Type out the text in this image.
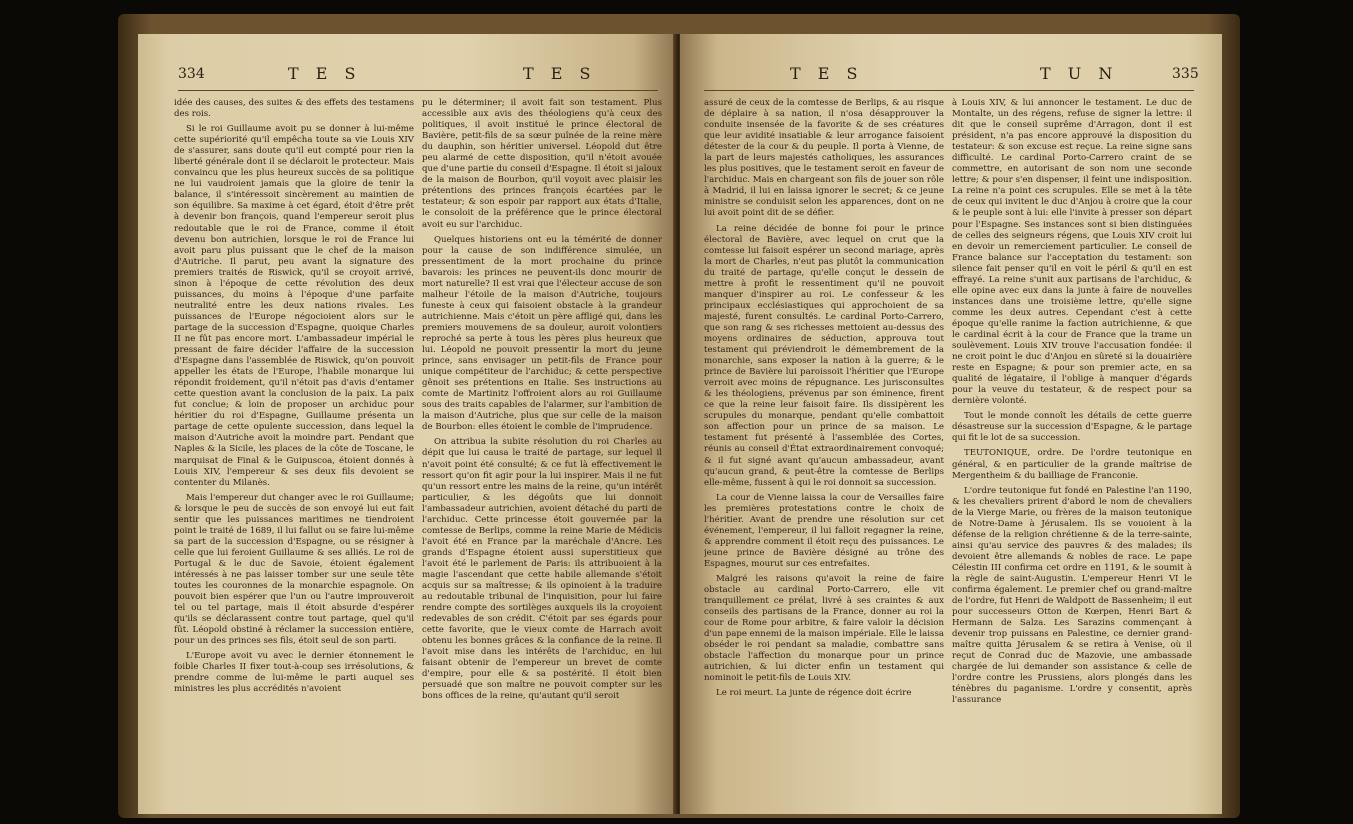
334	T E S	T E S

idée des causes, des suites & des effets des testamens des rois.

Si le roi Guillaume avoit pu se donner à lui-même cette supériorité qu'il empêcha toute sa vie Louis XIV de s'assurer, sans doute qu'il eut compté pour rien la liberté générale dont il se déclaroit le protecteur. Mais convaincu que les plus heureux succès de sa politique ne lui vaudroient jamais que la gloire de tenir la balance, il s'intéressoit sincèrement au maintien de son équilibre. Sa maxime à cet égard, étoit d'être prêt à devenir bon françois, quand l'empereur seroit plus redoutable que le roi de France, comme il étoit devenu bon autrichien, lorsque le roi de France lui avoit paru plus puissant que le chef de la maison d'Autriche. Il parut, peu avant la signature des premiers traités de Riswick, qu'il se croyoit arrivé, sinon à l'époque de cette révolution des deux puissances, du moins à l'époque d'une parfaite neutralité entre les deux nations rivales. Les puissances de l'Europe négocioient alors sur le partage de la succession d'Espagne, quoique Charles II ne fût pas encore mort. L'ambassadeur impérial le pressant de faire décider l'affaire de la succession d'Espagne dans l'assemblée de Riswick, qu'on pouvoit appeller les états de l'Europe, l'habile monarque lui répondit froidement, qu'il n'étoit pas d'avis d'entamer cette question avant la conclusion de la paix. La paix fut conclue; & loin de proposer un archiduc pour héritier du roi d'Espagne, Guillaume présenta un partage de cette opulente succession, dans lequel la maison d'Autriche avoit la moindre part. Pendant que Naples & la Sicile, les places de la côte de Toscane, le marquisat de Final & le Guipuscoa, étoient donnés à Louis XIV, l'empereur & ses deux fils devoient se contenter du Milanès.

Mais l'empereur dut changer avec le roi Guillaume; & lorsque le peu de succès de son envoyé lui eut fait sentir que les puissances maritimes ne tiendroient point le traité de 1689, il lui fallut ou se faire lui-même sa part de la succession d'Espagne, ou se résigner à celle que lui feroient Guillaume & ses alliés. Le roi de Portugal & le duc de Savoie, étoient également intéressés à ne pas laisser tomber sur une seule tête toutes les couronnes de la monarchie espagnole. On pouvoit bien espérer que l'un ou l'autre improuveroit tel ou tel partage, mais il étoit absurde d'espérer qu'ils se déclarassent contre tout partage, quel qu'il fût. Léopold obstiné à réclamer la succession entière, pour un des princes ses fils, étoit seul de son parti.

L'Europe avoit vu avec le dernier étonnement le foible Charles II fixer tout-à-coup ses irrésolutions, & prendre comme de lui-même le parti auquel ses ministres les plus accrédités n'avoient

pu le déterminer; il avoit fait son testament. Plus accessible aux avis des théologiens qu'à ceux des politiques, il avoit institué le prince électoral de Bavière, petit-fils de sa sœur puînée de la reine mère du dauphin, son héritier universel. Léopold dut être peu alarmé de cette disposition, qu'il n'étoit avouée que d'une partie du conseil d'Espagne. Il étoit si jaloux de la maison de Bourbon, qu'il voyoit avec plaisir les prétentions des princes françois écartées par le testateur; & son espoir par rapport aux états d'Italie, le consoloit de la préférence que le prince électoral avoit eu sur l'archiduc.

Quelques historiens ont eu la témérité de donner pour la cause de son indifférence simulée, un pressentiment de la mort prochaine du prince bavarois: les princes ne peuvent-ils donc mourir de mort naturelle? Il est vrai que l'électeur accuse de son malheur l'étoile de la maison d'Autriche, toujours funeste à ceux qui faisoient obstacle à la grandeur autrichienne. Mais c'étoit un père affligé qui, dans les premiers mouvemens de sa douleur, auroit volontiers reproché sa perte à tous les pères plus heureux que lui. Léopold ne pouvoit pressentir la mort du jeune prince, sans envisager un petit-fils de France pour unique compétiteur de l'archiduc; & cette perspective gênoit ses prétentions en Italie. Ses instructions au comte de Martinitz l'offroient alors au roi Guillaume sous des traits capables de l'alarmer, sur l'ambition de la maison d'Autriche, plus que sur celle de la maison de Bourbon: elles étoient le comble de l'imprudence.

On attribua la subite résolution du roi Charles au dépit que lui causa le traité de partage, sur lequel il n'avoit point été consulté; & ce fut là effectivement le ressort qu'on fit agir pour la lui inspirer. Mais il ne fut qu'un ressort entre les mains de la reine, qu'un intérêt particulier, & les dégoûts que lui donnoit l'ambassadeur autrichien, avoient détaché du parti de l'archiduc. Cette princesse étoit gouvernée par la comtesse de Berlips, comme la reine Marie de Médicis l'avoit été en France par la maréchale d'Ancre. Les grands d'Espagne étoient aussi superstitieux que l'avoit été le parlement de Paris: ils attribuoient à la magie l'ascendant que cette habile allemande s'étoit acquis sur sa maîtresse; & ils opinoient à la traduire au redoutable tribunal de l'inquisition, pour lui faire rendre compte des sortilèges auxquels ils la croyoient redevables de son crédit. C'étoit par ses égards pour cette favorite, que le vieux comte de Harrach avoit obtenu les bonnes grâces & la confiance de la reine. Il l'avoit mise dans les intérêts de l'archiduc, en lui faisant obtenir de l'empereur un brevet de comte d'empire, pour elle & sa postérité. Il étoit bien persuadé que son maître ne pouvoit compter sur les bons offices de la reine, qu'autant qu'il seroit

T E S	T U N	335

assuré de ceux de la comtesse de Berlips, & au risque de déplaire à sa nation, il n'osa désapprouver la conduite insensée de la favorite & de ses créatures que leur avidité insatiable & leur arrogance faisoient détester de la cour & du peuple. Il porta à Vienne, de la part de leurs majestés catholiques, les assurances les plus positives, que le testament seroit en faveur de l'archiduc. Mais en chargeant son fils de jouer son rôle à Madrid, il lui en laissa ignorer le secret; & ce jeune ministre se conduisit selon les apparences, dont on ne lui avoit point dit de se défier.

La reine décidée de bonne foi pour le prince électoral de Bavière, avec lequel on crut que la comtesse lui faisoit espérer un second mariage, après la mort de Charles, n'eut pas plutôt la communication du traité de partage, qu'elle conçut le dessein de mettre à profit le ressentiment qu'il ne pouvoit manquer d'inspirer au roi. Le confesseur & les principaux ecclésiastiques qui approchoient de sa majesté, furent consultés. Le cardinal Porto-Carrero, que son rang & ses richesses mettoient au-dessus des moyens ordinaires de séduction, approuva tout testament qui préviendroit le démembrement de la monarchie, sans exposer la nation à la guerre; & le prince de Bavière lui paroissoit l'héritier que l'Europe verroit avec moins de répugnance. Les jurisconsultes & les théologiens, prévenus par son éminence, firent ce que la reine leur faisoit faire. Ils dissipèrent les scrupules du monarque, pendant qu'elle combattoit son affection pour un prince de sa maison. Le testament fut présenté à l'assemblée des Cortes, réunis au conseil d'État extraordinairement convoqué; & il fut signé avant qu'aucun ambassadeur, avant qu'aucun grand, & peut-être la comtesse de Berlips elle-même, fussent à qui le roi donnoit sa succession.

La cour de Vienne laissa la cour de Versailles faire les premières protestations contre le choix de l'héritier. Avant de prendre une résolution sur cet événement, l'empereur, il lui falloit regagner la reine, & apprendre comment il étoit reçu des puissances. Le jeune prince de Bavière désigné au trône des Espagnes, mourut sur ces entrefaites.

Malgré les raisons qu'avoit la reine de faire obstacle au cardinal Porto-Carrero, elle vit tranquillement ce prélat, livré à ses craintes & aux conseils des partisans de la France, donner au roi la cour de Rome pour arbitre, & faire valoir la décision d'un pape ennemi de la maison impériale. Elle le laissa obséder le roi pendant sa maladie, combattre sans obstacle l'affection du monarque pour un prince autrichien, & lui dicter enfin un testament qui nominoit le petit-fils de Louis XIV.

Le roi meurt. La junte de régence doit écrire

à Louis XIV, & lui annoncer le testament. Le duc de Montalte, un des régens, refuse de signer la lettre: il dit que le conseil suprême d'Arragon, dont il est président, n'a pas encore approuvé la disposition du testateur: & son excuse est reçue. La reine signe sans difficulté. Le cardinal Porto-Carrero craint de se commettre, en autorisant de son nom une seconde lettre; & pour s'en dispenser, il feint une indisposition. La reine n'a point ces scrupules. Elle se met à la tête de ceux qui invitent le duc d'Anjou à croire que la cour & le peuple sont à lui: elle l'invite à presser son départ pour l'Espagne. Ses instances sont si bien distinguées de celles des seigneurs régens, que Louis XIV croit lui en devoir un remerciement particulier. Le conseil de France balance sur l'acceptation du testament: son silence fait penser qu'il en voit le péril & qu'il en est effrayé. La reine s'unit aux partisans de l'archiduc, & elle opine avec eux dans la junte à faire de nouvelles instances dans une troisième lettre, qu'elle signe comme les deux autres. Cependant c'est à cette époque qu'elle ranime la faction autrichienne, & que le cardinal écrit à la cour de France que la trame un soulèvement. Louis XIV trouve l'accusation fondée: il ne croit point le duc d'Anjou en sûreté si la douairière reste en Espagne; & pour son premier acte, en sa qualité de légataire, il l'oblige à manquer d'égards pour la veuve du testateur, & de respect pour sa dernière volonté.

Tout le monde connoît les détails de cette guerre désastreuse sur la succession d'Espagne, & le partage qui fit le lot de sa succession.

TEUTONIQUE, ordre. De l'ordre teutonique en général, & en particulier de la grande maîtrise de Mergentheim & du bailliage de Franconie.

L'ordre teutonique fut fondé en Palestine l'an 1190, & les chevaliers prirent d'abord le nom de chevaliers de la Vierge Marie, ou frères de la maison teutonique de Notre-Dame à Jérusalem. Ils se vouoient à la défense de la religion chrétienne & de la terre-sainte, ainsi qu'au service des pauvres & des malades; ils devoient être allemands & nobles de race. Le pape Célestin III confirma cet ordre en 1191, & le soumit à la règle de saint-Augustin. L'empereur Henri VI le confirma également. Le premier chef ou grand-maître de l'ordre, fut Henri de Waldpott de Bassenheim; il eut pour successeurs Otton de Kœrpen, Henri Bart & Hermann de Salza. Les Sarazins commençant à devenir trop puissans en Palestine, ce dernier grand-maître quitta Jérusalem & se retira à Venise, où il reçut de Conrad duc de Mazovie, une ambassade chargée de lui demander son assistance & celle de l'ordre contre les Prussiens, alors plongés dans les ténèbres du paganisme. L'ordre y consentit, après l'assurance
